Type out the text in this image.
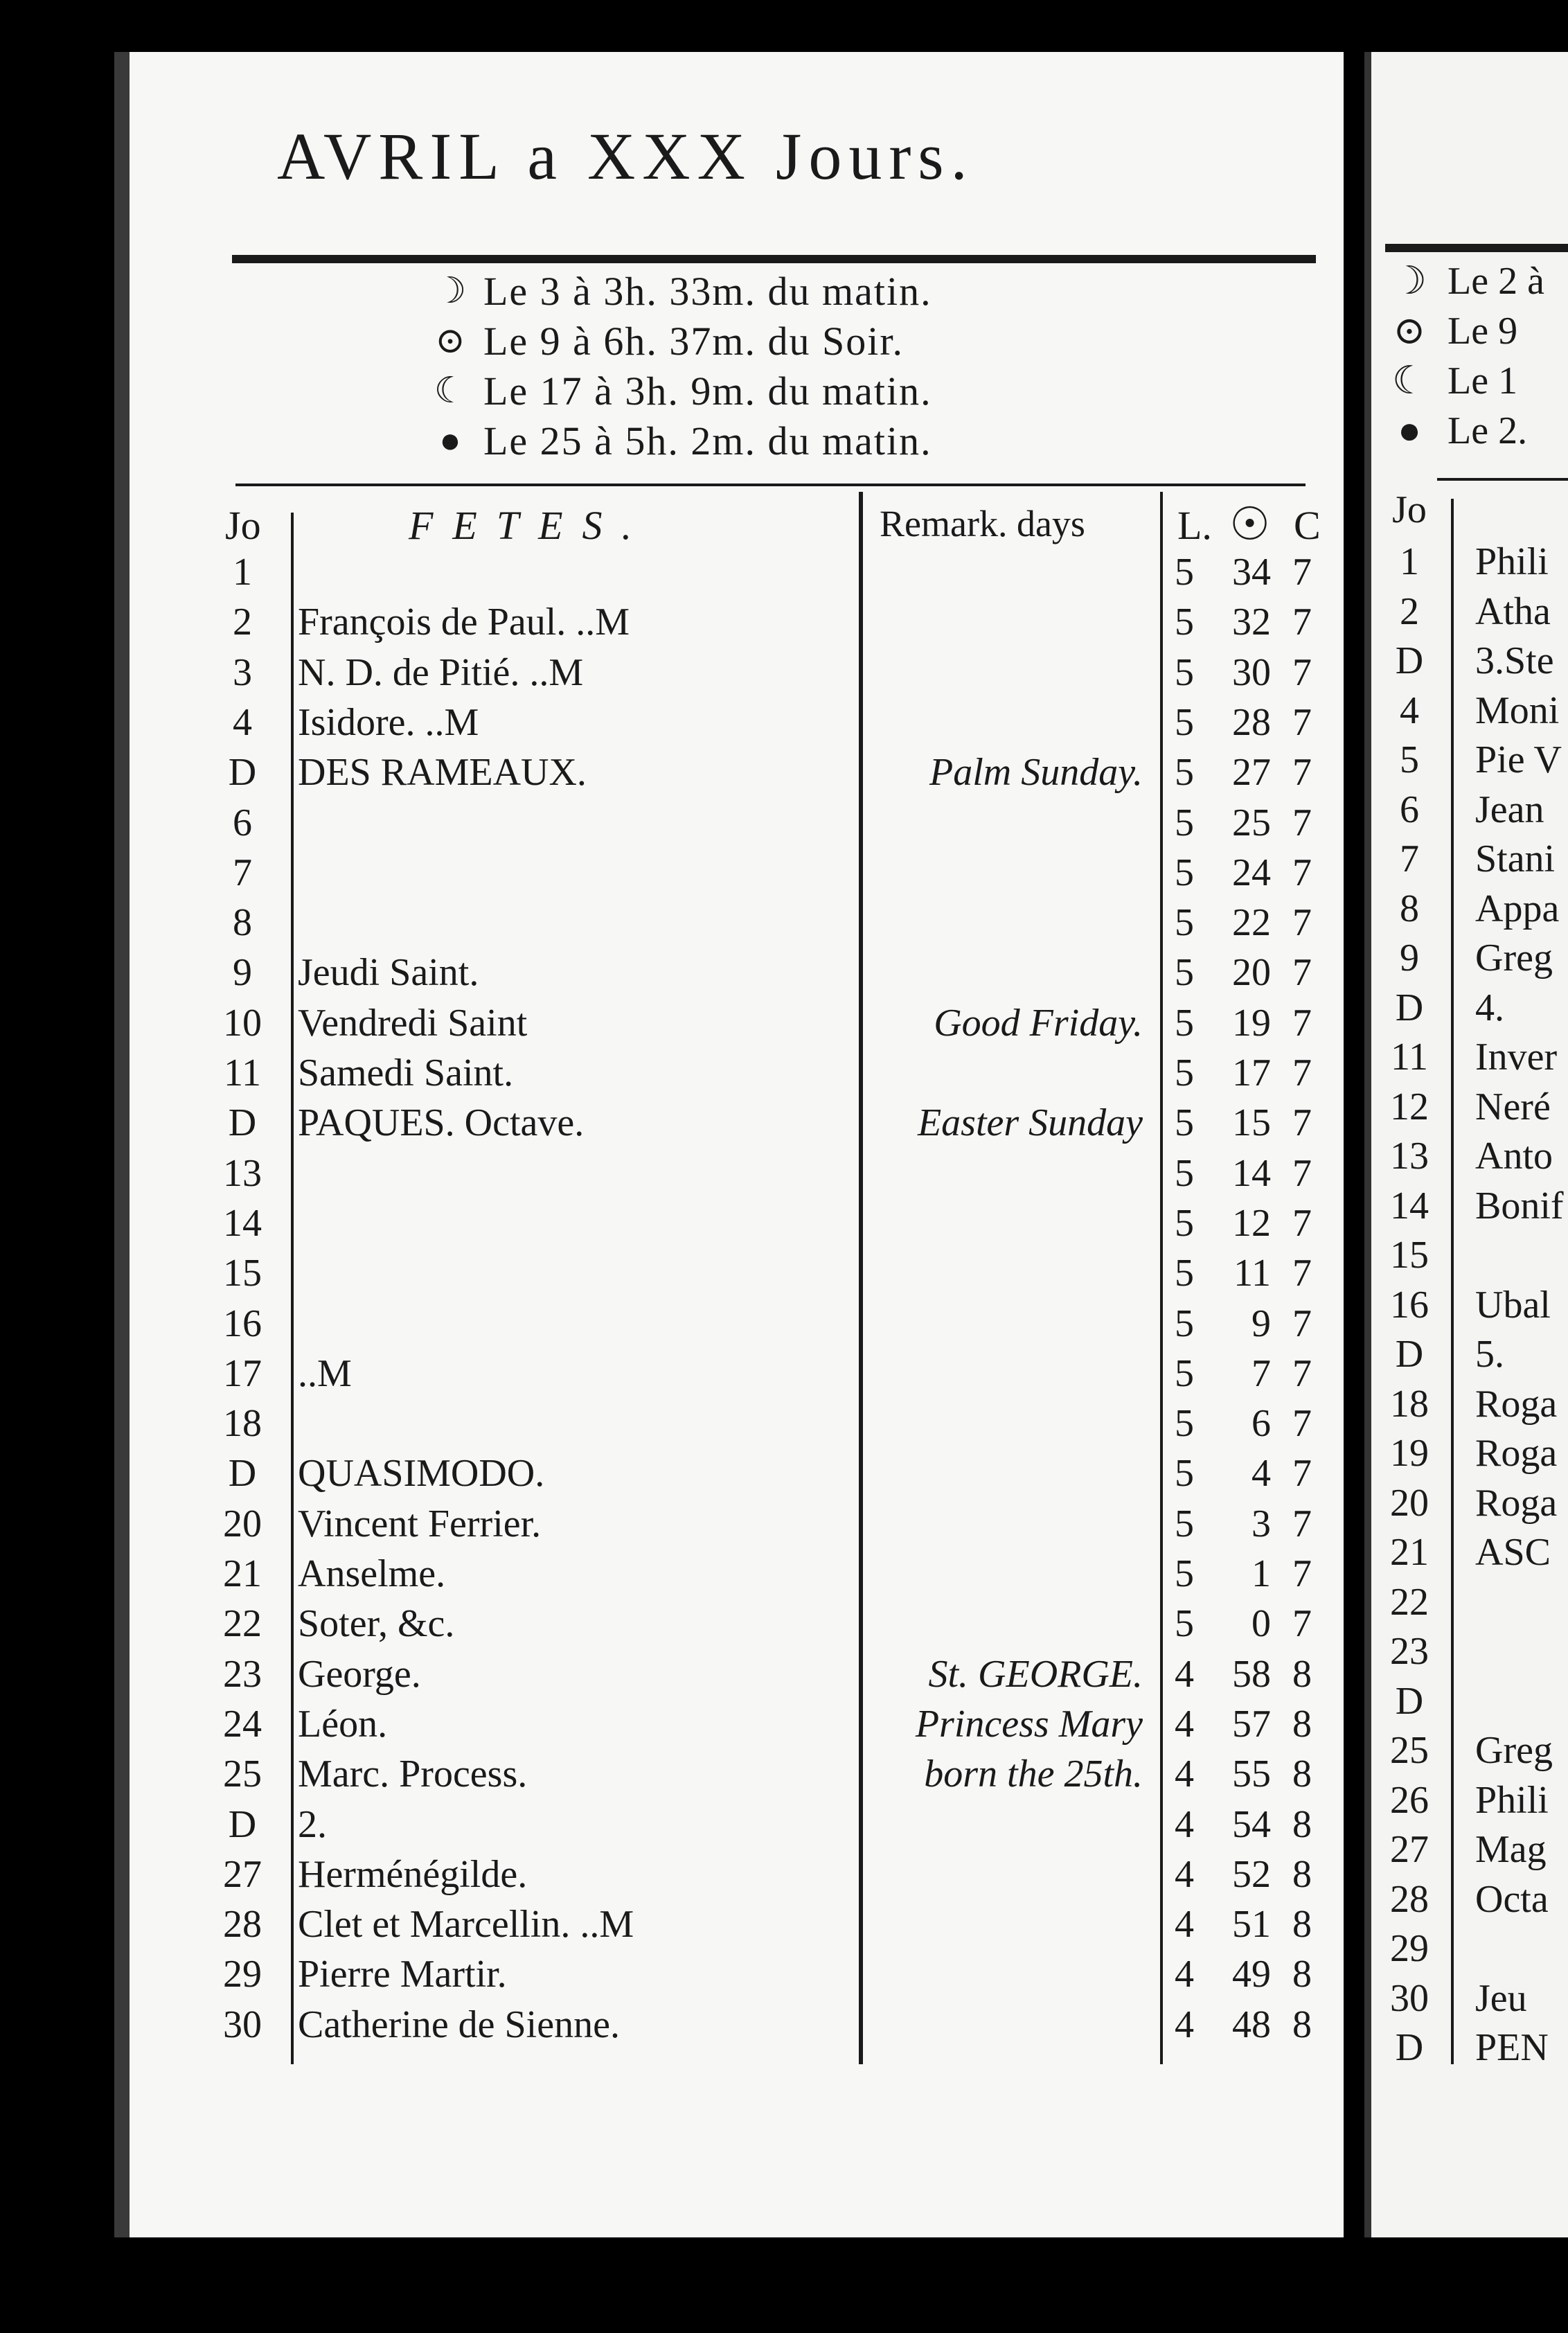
AVRIL a XXX Jours.
☽ Le 3 à 3h. 33m. du matin.
⊙ Le 9 à 6h. 37m. du Soir.
☾ Le 17 à 3h. 9m. du matin.
● Le 25 à 5h. 2m. du matin.
Jo	FETES.	Remark. days L. ☉ C
1	5 34 7
2	François de Paul. ..M	5 32 7
3	N. D. de Pitié. ..M	5 30 7
4	Isidore. ..M	5 28 7
D	DES RAMEAUX.	Palm Sunday. 5 27 7
6	5 25 7
7	5 24 7
8	5 22 7
9	Jeudi Saint.	5 20 7
10 Vendredi Saint	Good Friday. 5 19 7
11 Samedi Saint.	5 17 7
D	PAQUES. Octave.	Easter Sunday 5 15 7
13	5 14 7
14	5 12 7
15	5 11 7
16	5	9 7
17 ..M	5	7 7
18	5	6 7
D	QUASIMODO.	5	4 7
20 Vincent Ferrier.	5	3 7
21 Anselme.	5	1 7
22 Soter, &c.	5	0 7
23 George.	St. GEORGE. 4 58 8
24 Léon.	Princess Mary 4 57 8
25 Marc. Process.	born the 25th. 4 55 8
D	2.	4 54 8
27 Herménégilde.	4 52 8
28 Clet et Marcellin. ..M	4 51 8
29 Pierre Martir.	4 49 8
30 Catherine de Sienne.	4 48 8
☽ Le 2 à
⊙ Le 9
☾ Le 1
● Le 2.
Jo
1	Phili
2	Atha
D 3.Ste
4	Moni
5	Pie V
6	Jean
7	Stani
8	Appa
9	Greg
D 4.
11 Inver
12 Neré
13 Anto
14 Bonif
15
16 Ubal
D 5.
18 Roga
19 Roga
20 Roga
21 ASC
22
23
D
25 Greg
26 Phili
27 Mag
28 Octa
29
30 Jeu
D PEN
